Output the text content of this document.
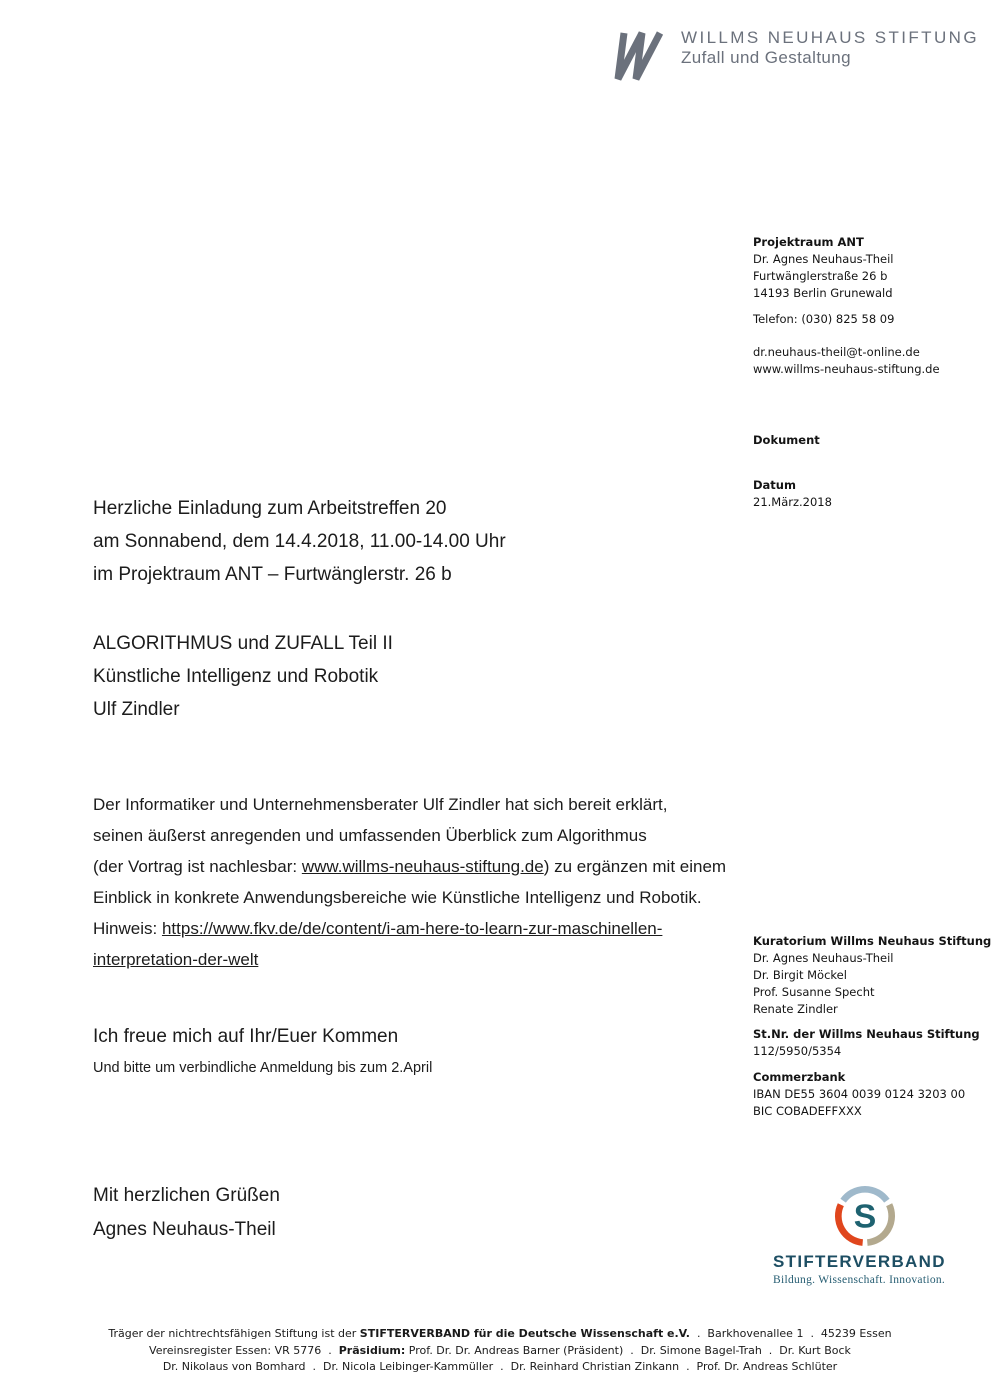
WILLMS NEUHAUS STIFTUNG
Zufall und Gestaltung
Projektraum ANT
Dr. Agnes Neuhaus-Theil
Furtwänglerstraße 26 b
14193 Berlin Grunewald
Telefon: (030) 825 58 09
dr.neuhaus-theil@t-online.de
www.willms-neuhaus-stiftung.de
Dokument
Datum
21.März.2018
Kuratorium Willms Neuhaus Stiftung
Dr. Agnes Neuhaus-Theil
Dr. Birgit Möckel
Prof. Susanne Specht
Renate Zindler
St.Nr. der Willms Neuhaus Stiftung
112/5950/5354
Commerzbank
IBAN DE55 3604 0039 0124 3203 00
BIC COBADEFFXXX
Herzliche Einladung zum Arbeitstreffen 20
am Sonnabend, dem 14.4.2018, 11.00-14.00 Uhr
im Projektraum ANT – Furtwänglerstr. 26 b
ALGORITHMUS und ZUFALL Teil II
Künstliche Intelligenz und Robotik
Ulf Zindler
Der Informatiker und Unternehmensberater Ulf Zindler hat sich bereit erklärt,
seinen äußerst anregenden und umfassenden Überblick zum Algorithmus
(der Vortrag ist nachlesbar: www.willms-neuhaus-stiftung.de) zu ergänzen mit einem
Einblick in konkrete Anwendungsbereiche wie Künstliche Intelligenz und Robotik.
Hinweis: https://www.fkv.de/de/content/i-am-here-to-learn-zur-maschinellen-
interpretation-der-welt
Ich freue mich auf Ihr/Euer Kommen
Und bitte um verbindliche Anmeldung bis zum 2.April
Mit herzlichen Grüßen
Agnes Neuhaus-Theil	S
STIFTERVERBAND
Bildung. Wissenschaft. Innovation.
Träger der nichtrechtsfähigen Stiftung ist der STIFTERVERBAND für die Deutsche Wissenschaft e.V.  .  Barkhovenallee 1  .  45239 Essen
Vereinsregister Essen: VR 5776  .  Präsidium: Prof. Dr. Dr. Andreas Barner (Präsident)  .  Dr. Simone Bagel-Trah  .  Dr. Kurt Bock
Dr. Nikolaus von Bomhard  .  Dr. Nicola Leibinger-Kammüller  .  Dr. Reinhard Christian Zinkann  .  Prof. Dr. Andreas Schlüter
